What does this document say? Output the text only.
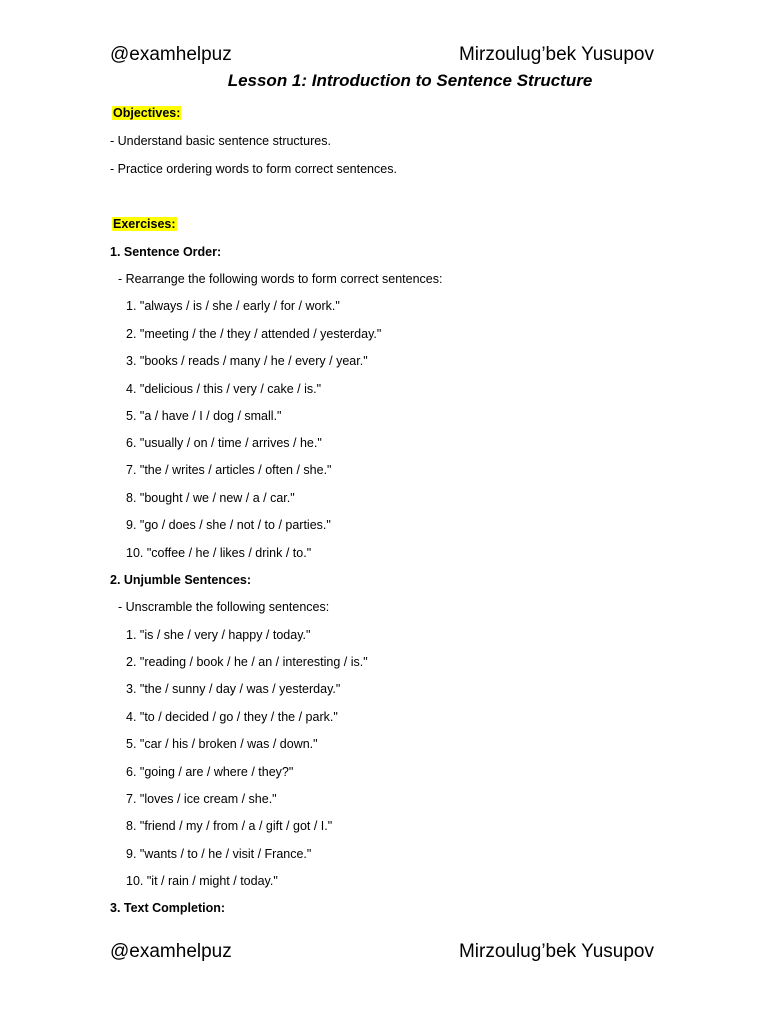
@examhelpuz	Mirzoulug’bek Yusupov
Lesson 1: Introduction to Sentence Structure
Objectives:
- Understand basic sentence structures.
- Practice ordering words to form correct sentences.
Exercises:
1. Sentence Order:
- Rearrange the following words to form correct sentences:
1. "always / is / she / early / for / work."
2. "meeting / the / they / attended / yesterday."
3. "books / reads / many / he / every / year."
4. "delicious / this / very / cake / is."
5. "a / have / I / dog / small."
6. "usually / on / time / arrives / he."
7. "the / writes / articles / often / she."
8. "bought / we / new / a / car."
9. "go / does / she / not / to / parties."
10. "coffee / he / likes / drink / to."
2. Unjumble Sentences:
- Unscramble the following sentences:
1. "is / she / very / happy / today."
2. "reading / book / he / an / interesting / is."
3. "the / sunny / day / was / yesterday."
4. "to / decided / go / they / the / park."
5. "car / his / broken / was / down."
6. "going / are / where / they?"
7. "loves / ice cream / she."
8. "friend / my / from / a / gift / got / I."
9. "wants / to / he / visit / France."
10. "it / rain / might / today."
3. Text Completion:
@examhelpuz	Mirzoulug’bek Yusupov
